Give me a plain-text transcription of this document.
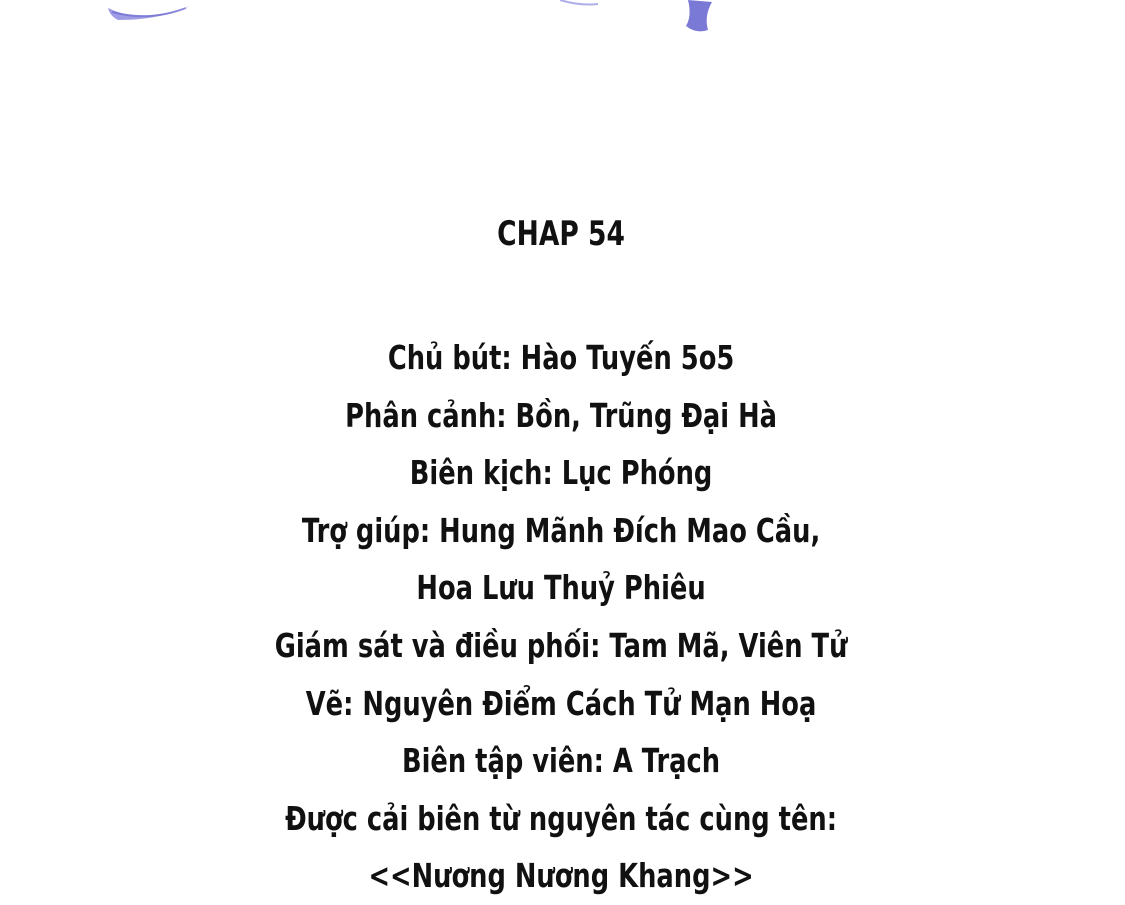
CHAP 54
Chủ bút: Hào Tuyến 5o5
Phân cảnh: Bồn, Trũng Đại Hà
Biên kịch: Lục Phóng
Trợ giúp: Hung Mãnh Đích Mao Cầu,
Hoa Lưu Thuỷ Phiêu
Giám sát và điều phối: Tam Mã, Viên Tử
Vẽ: Nguyên Điểm Cách Tử Mạn Hoạ
Biên tập viên: A Trạch
Được cải biên từ nguyên tác cùng tên:
<<Nương Nương Khang>>
